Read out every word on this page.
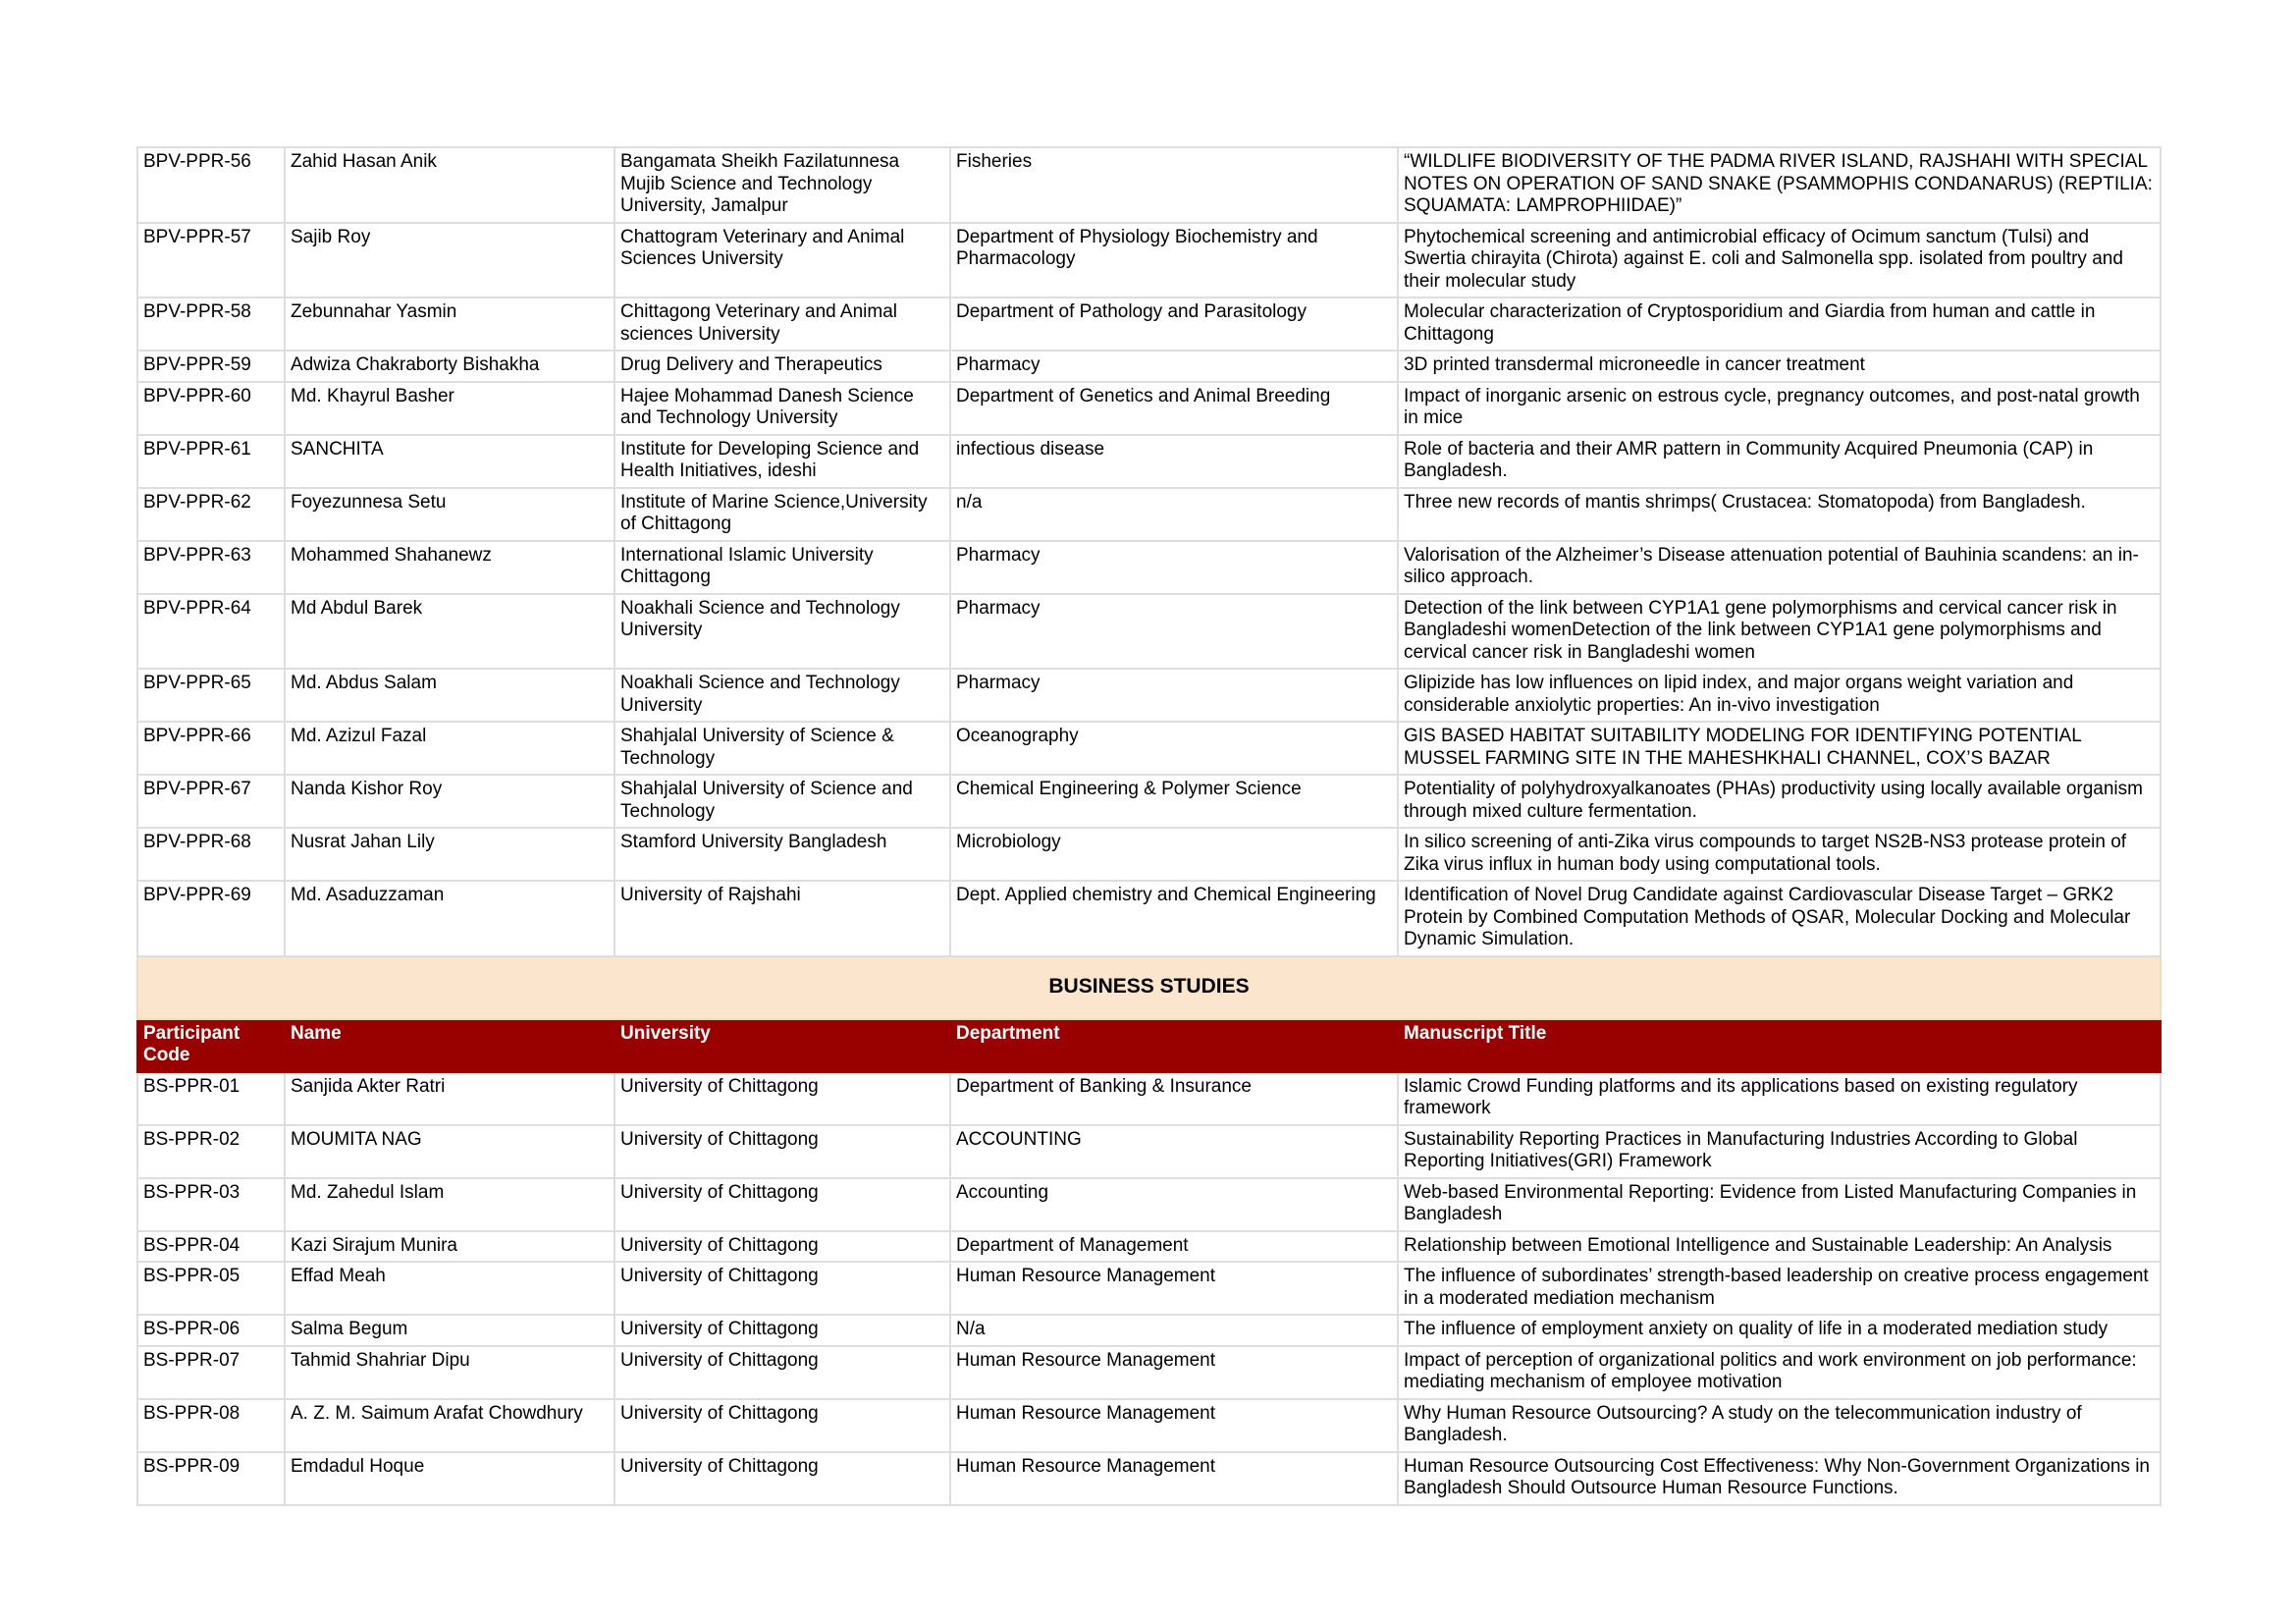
BPV-PPR-56	Zahid Hasan Anik	Bangamata Sheikh Fazilatunnesa Mujib Science and Technology University, Jamalpur	Fisheries	“WILDLIFE BIODIVERSITY OF THE PADMA RIVER ISLAND, RAJSHAHI WITH SPECIAL NOTES ON OPERATION OF SAND SNAKE (PSAMMOPHIS CONDANARUS) (REPTILIA: SQUAMATA: LAMPROPHIIDAE)”
BPV-PPR-57	Sajib Roy	Chattogram Veterinary and Animal Sciences University	Department of Physiology Biochemistry and Pharmacology	Phytochemical screening and antimicrobial efficacy of Ocimum sanctum (Tulsi) and Swertia chirayita (Chirota) against E. coli and Salmonella spp. isolated from poultry and their molecular study
BPV-PPR-58	Zebunnahar Yasmin	Chittagong Veterinary and Animal sciences University	Department of Pathology and Parasitology	Molecular characterization of Cryptosporidium and Giardia from human and cattle in Chittagong
BPV-PPR-59	Adwiza Chakraborty Bishakha	Drug Delivery and Therapeutics	Pharmacy	3D printed transdermal microneedle in cancer treatment
BPV-PPR-60	Md. Khayrul Basher	Hajee Mohammad Danesh Science and Technology University	Department of Genetics and Animal Breeding	Impact of inorganic arsenic on estrous cycle, pregnancy outcomes, and post-natal growth in mice
BPV-PPR-61	SANCHITA	Institute for Developing Science and Health Initiatives, ideshi	infectious disease	Role of bacteria and their AMR pattern in Community Acquired Pneumonia (CAP) in Bangladesh.
BPV-PPR-62	Foyezunnesa Setu	Institute of Marine Science,University of Chittagong	n/a	Three new records of mantis shrimps( Crustacea: Stomatopoda) from Bangladesh.
BPV-PPR-63	Mohammed Shahanewz	International Islamic University Chittagong	Pharmacy	Valorisation of the Alzheimer’s Disease attenuation potential of Bauhinia scandens: an in-silico approach.
BPV-PPR-64	Md Abdul Barek	Noakhali Science and Technology University	Pharmacy	Detection of the link between CYP1A1 gene polymorphisms and cervical cancer risk in Bangladeshi womenDetection of the link between CYP1A1 gene polymorphisms and cervical cancer risk in Bangladeshi women
BPV-PPR-65	Md. Abdus Salam	Noakhali Science and Technology University	Pharmacy	Glipizide has low influences on lipid index, and major organs weight variation and considerable anxiolytic properties: An in-vivo investigation
BPV-PPR-66	Md. Azizul Fazal	Shahjalal University of Science & Technology	Oceanography	GIS BASED HABITAT SUITABILITY MODELING FOR IDENTIFYING POTENTIAL MUSSEL FARMING SITE IN THE MAHESHKHALI CHANNEL, COX’S BAZAR
BPV-PPR-67	Nanda Kishor Roy	Shahjalal University of Science and Technology	Chemical Engineering & Polymer Science	Potentiality of polyhydroxyalkanoates (PHAs) productivity using locally available organism through mixed culture fermentation.
BPV-PPR-68	Nusrat Jahan Lily	Stamford University Bangladesh	Microbiology	In silico screening of anti-Zika virus compounds to target NS2B-NS3 protease protein of Zika virus influx in human body using computational tools.
BPV-PPR-69	Md. Asaduzzaman	University of Rajshahi	Dept. Applied chemistry and Chemical Engineering	Identification of Novel Drug Candidate against Cardiovascular Disease Target – GRK2 Protein by Combined Computation Methods of QSAR, Molecular Docking and Molecular Dynamic Simulation.
BUSINESS STUDIES				
Participant Code	Name	University	Department	Manuscript Title
BS-PPR-01	Sanjida Akter Ratri	University of Chittagong	Department of Banking & Insurance	Islamic Crowd Funding platforms and its applications based on existing regulatory framework
BS-PPR-02	MOUMITA NAG	University of Chittagong	ACCOUNTING	Sustainability Reporting Practices in Manufacturing Industries According to Global Reporting Initiatives(GRI) Framework
BS-PPR-03	Md. Zahedul Islam	University of Chittagong	Accounting	Web-based Environmental Reporting: Evidence from Listed Manufacturing Companies in Bangladesh
BS-PPR-04	Kazi Sirajum Munira	University of Chittagong	Department of Management	Relationship between Emotional Intelligence and Sustainable Leadership: An Analysis
BS-PPR-05	Effad Meah	University of Chittagong	Human Resource Management	The influence of subordinates’ strength-based leadership on creative process engagement in a moderated mediation mechanism
BS-PPR-06	Salma Begum	University of Chittagong	N/a	The influence of employment anxiety on quality of life in a moderated mediation study
BS-PPR-07	Tahmid Shahriar Dipu	University of Chittagong	Human Resource Management	Impact of perception of organizational politics and work environment on job performance: mediating mechanism of employee motivation
BS-PPR-08	A. Z. M. Saimum Arafat Chowdhury	University of Chittagong	Human Resource Management	Why Human Resource Outsourcing? A study on the telecommunication industry of Bangladesh.
BS-PPR-09	Emdadul Hoque	University of Chittagong	Human Resource Management	Human Resource Outsourcing Cost Effectiveness: Why Non-Government Organizations in Bangladesh Should Outsource Human Resource Functions.
